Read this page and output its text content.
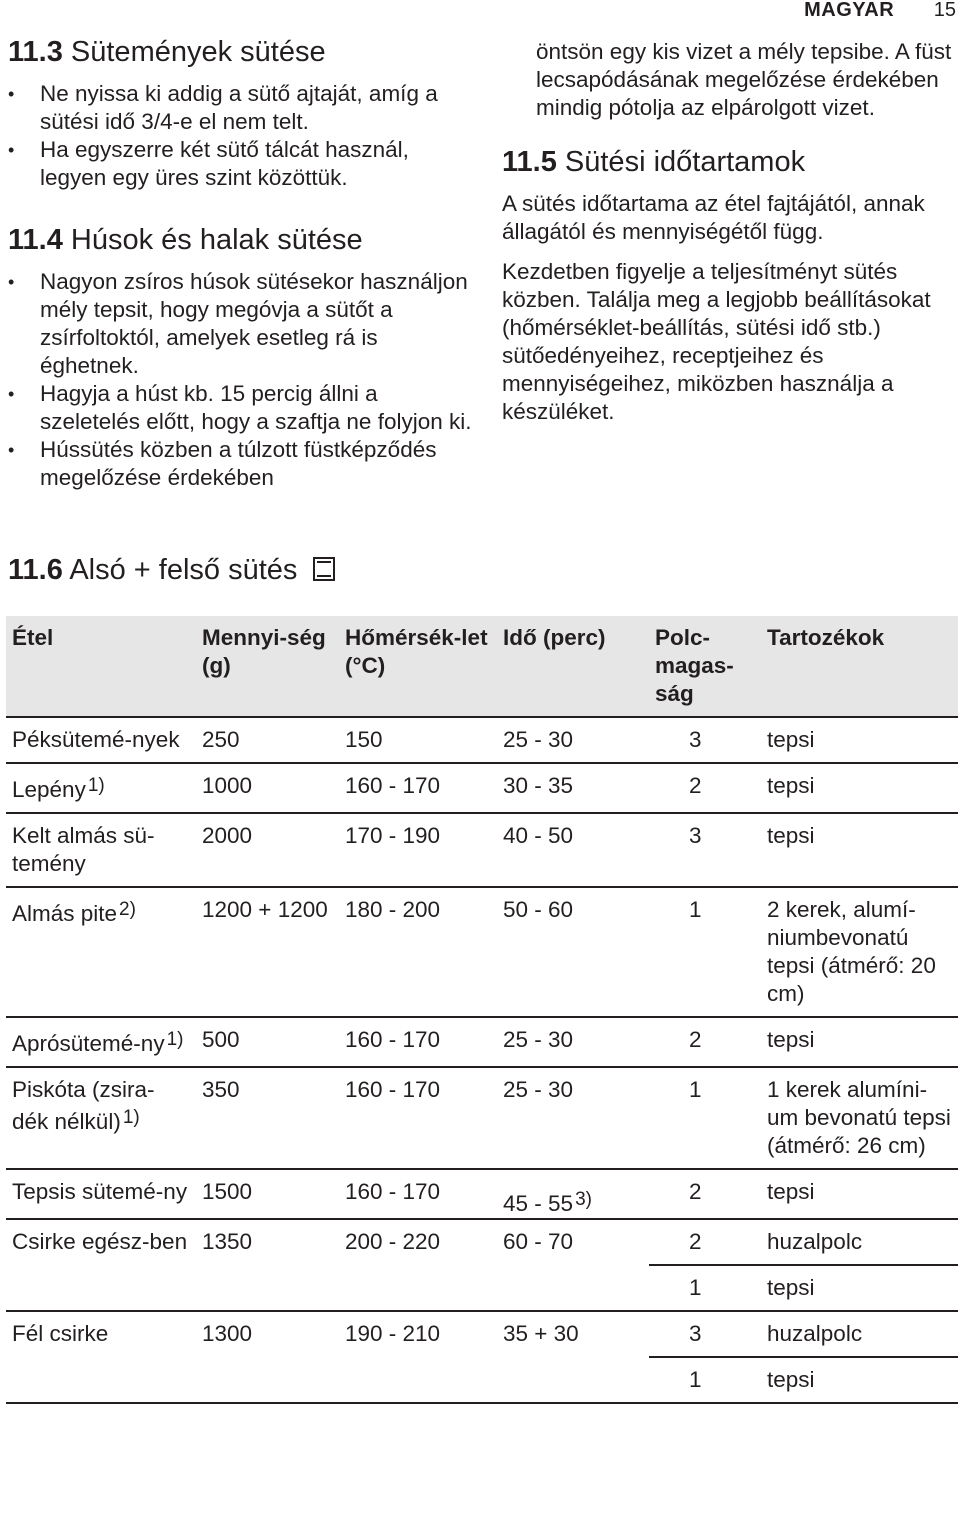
MAGYAR 15
11.3 Sütemények sütése
• Ne nyissa ki addig a sütő ajtaját, amíg a sütési idő 3/4-e el nem telt.
• Ha egyszerre két sütő tálcát használ, legyen egy üres szint közöttük.
11.4 Húsok és halak sütése
• Nagyon zsíros húsok sütésekor használjon mély tepsit, hogy megóvja a sütőt a zsírfoltoktól, amelyek esetleg rá is éghetnek.
• Hagyja a húst kb. 15 percig állni a szeletelés előtt, hogy a szaftja ne folyjon ki.
• Hússütés közben a túlzott füstképződés megelőzése érdekében

öntsön egy kis vizet a mély tepsibe. A füst lecsapódásának megelőzése érdekében mindig pótolja az elpárolgott vizet.

11.5 Sütési időtartamok

A sütés időtartama az étel fajtájától, annak állagától és mennyiségétől függ.

Kezdetben figyelje a teljesítményt sütés közben. Találja meg a legjobb beállításokat (hőmérséklet-beállítás, sütési idő stb.) sütőedényeihez, receptjeihez és mennyiségeihez, miközben használja a készüléket.

11.6 Alsó + felső sütés
Étel	Mennyi-ség (g)	Hőmérsék-let (°C)	Idő (perc)	Polc-magas-ság	Tartozékok
Péksütemé-nyek	250	150	25 - 30	3	tepsi
Lepény $^{1)}$	1000	160 - 170	30 - 35	2	tepsi
Kelt almás sü-temény	2000	170 - 190	40 - 50	3	tepsi
Almás pite $^{2)}$	1200 + 1200	180 - 200	50 - 60	1	2 kerek, alumí-niumbevonatú tepsi (átmérő: 20 cm)
Aprósütemé-ny $^{1)}$	500	160 - 170	25 - 30	2	tepsi
Piskóta (zsira-dék nélkül) $^{1)}$	350	160 - 170	25 - 30	1	1 kerek alumíni-um bevonatú tepsi (átmérő: 26 cm)
Tepsis sütemé-ny	1500	160 - 170	45 - 55 $^{3)}$	2	tepsi
Csirke egész-ben	1350	200 - 220	60 - 70	2	huzalpolc
				1	tepsi
Fél csirke	1300	190 - 210	35 + 30	3	huzalpolc
				1	tepsi
